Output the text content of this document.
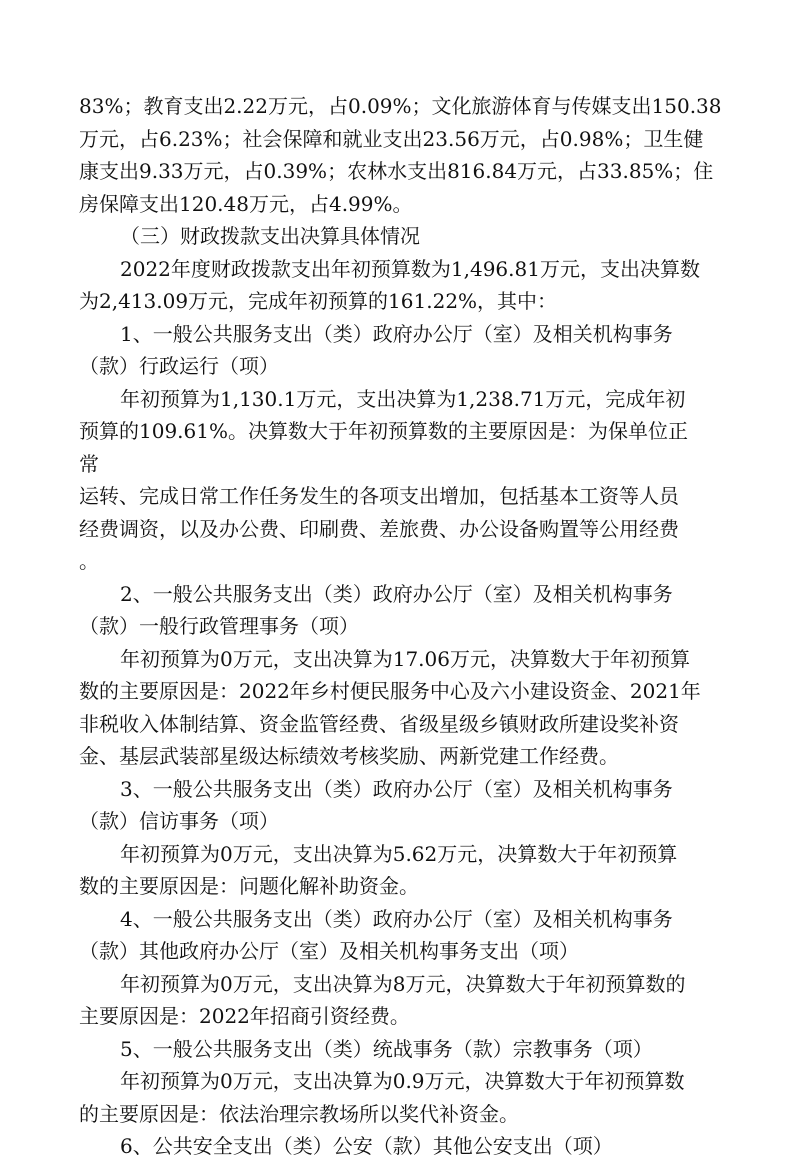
83%；教育支出2.22万元，占0.09%；文化旅游体育与传媒支出150.38
万元，占6.23%；社会保障和就业支出23.56万元，占0.98%；卫生健
康支出9.33万元，占0.39%；农林水支出816.84万元，占33.85%；住
房保障支出120.48万元，占4.99%。
（三）财政拨款支出决算具体情况
2022年度财政拨款支出年初预算数为1,496.81万元，支出决算数
为2,413.09万元，完成年初预算的161.22%，其中：
1、一般公共服务支出（类）政府办公厅（室）及相关机构事务
（款）行政运行（项）
年初预算为1,130.1万元，支出决算为1,238.71万元，完成年初
预算的109.61%。决算数大于年初预算数的主要原因是：为保单位正
常
运转、完成日常工作任务发生的各项支出增加，包括基本工资等人员
经费调资，以及办公费、印刷费、差旅费、办公设备购置等公用经费
。
2、一般公共服务支出（类）政府办公厅（室）及相关机构事务
（款）一般行政管理事务（项）
年初预算为0万元，支出决算为17.06万元，决算数大于年初预算
数的主要原因是：2022年乡村便民服务中心及六小建设资金、2021年
非税收入体制结算、资金监管经费、省级星级乡镇财政所建设奖补资
金、基层武装部星级达标绩效考核奖励、两新党建工作经费。
3、一般公共服务支出（类）政府办公厅（室）及相关机构事务
（款）信访事务（项）
年初预算为0万元，支出决算为5.62万元，决算数大于年初预算
数的主要原因是：问题化解补助资金。
4、一般公共服务支出（类）政府办公厅（室）及相关机构事务
（款）其他政府办公厅（室）及相关机构事务支出（项）
年初预算为0万元，支出决算为8万元，决算数大于年初预算数的
主要原因是：2022年招商引资经费。
5、一般公共服务支出（类）统战事务（款）宗教事务（项）
年初预算为0万元，支出决算为0.9万元，决算数大于年初预算数
的主要原因是：依法治理宗教场所以奖代补资金。
6、公共安全支出（类）公安（款）其他公安支出（项）
